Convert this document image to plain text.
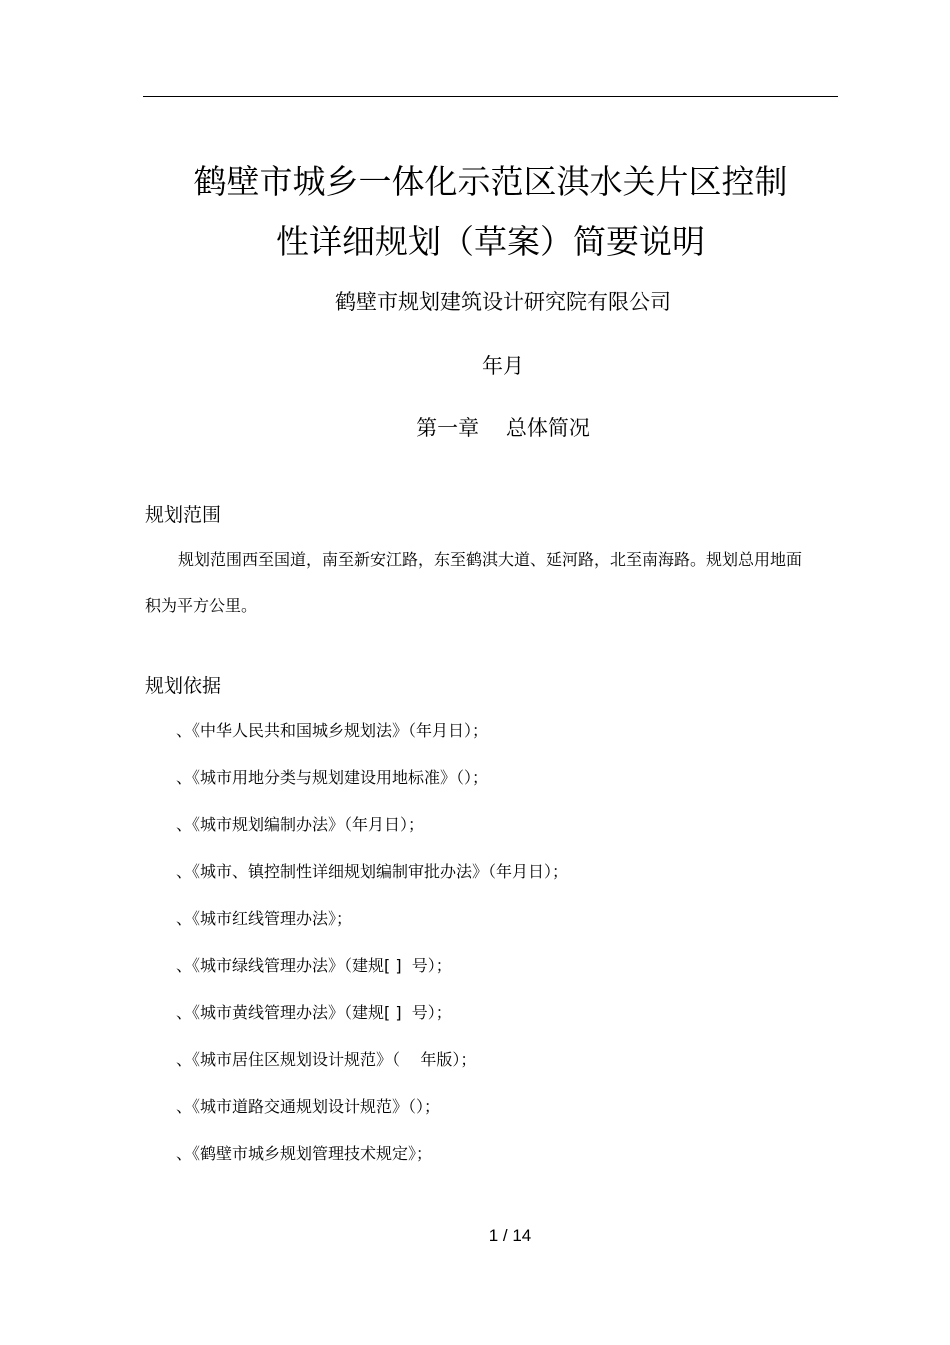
鹤壁市城乡一体化示范区淇水关片区控制
性详细规划（草案）简要说明
鹤壁市规划建筑设计研究院有限公司
年月
第一章    总体简况
规划范围
规划范围西至国道，南至新安江路，东至鹤淇大道、延河路，北至南海路。规划总用地面
积为平方公里。
规划依据
、《中华人民共和国城乡规划法》（年月日）；
、《城市用地分类与规划建设用地标准》（）；
、《城市规划编制办法》（年月日）；
、《城市、镇控制性详细规划编制审批办法》（年月日）；
、《城市红线管理办法》；
、《城市绿线管理办法》（建规[ ]  号）；
、《城市黄线管理办法》（建规[ ]  号）；
、《城市居住区规划设计规范》（    年版）；
、《城市道路交通规划设计规范》（）；
、《鹤壁市城乡规划管理技术规定》；
1 / 14
